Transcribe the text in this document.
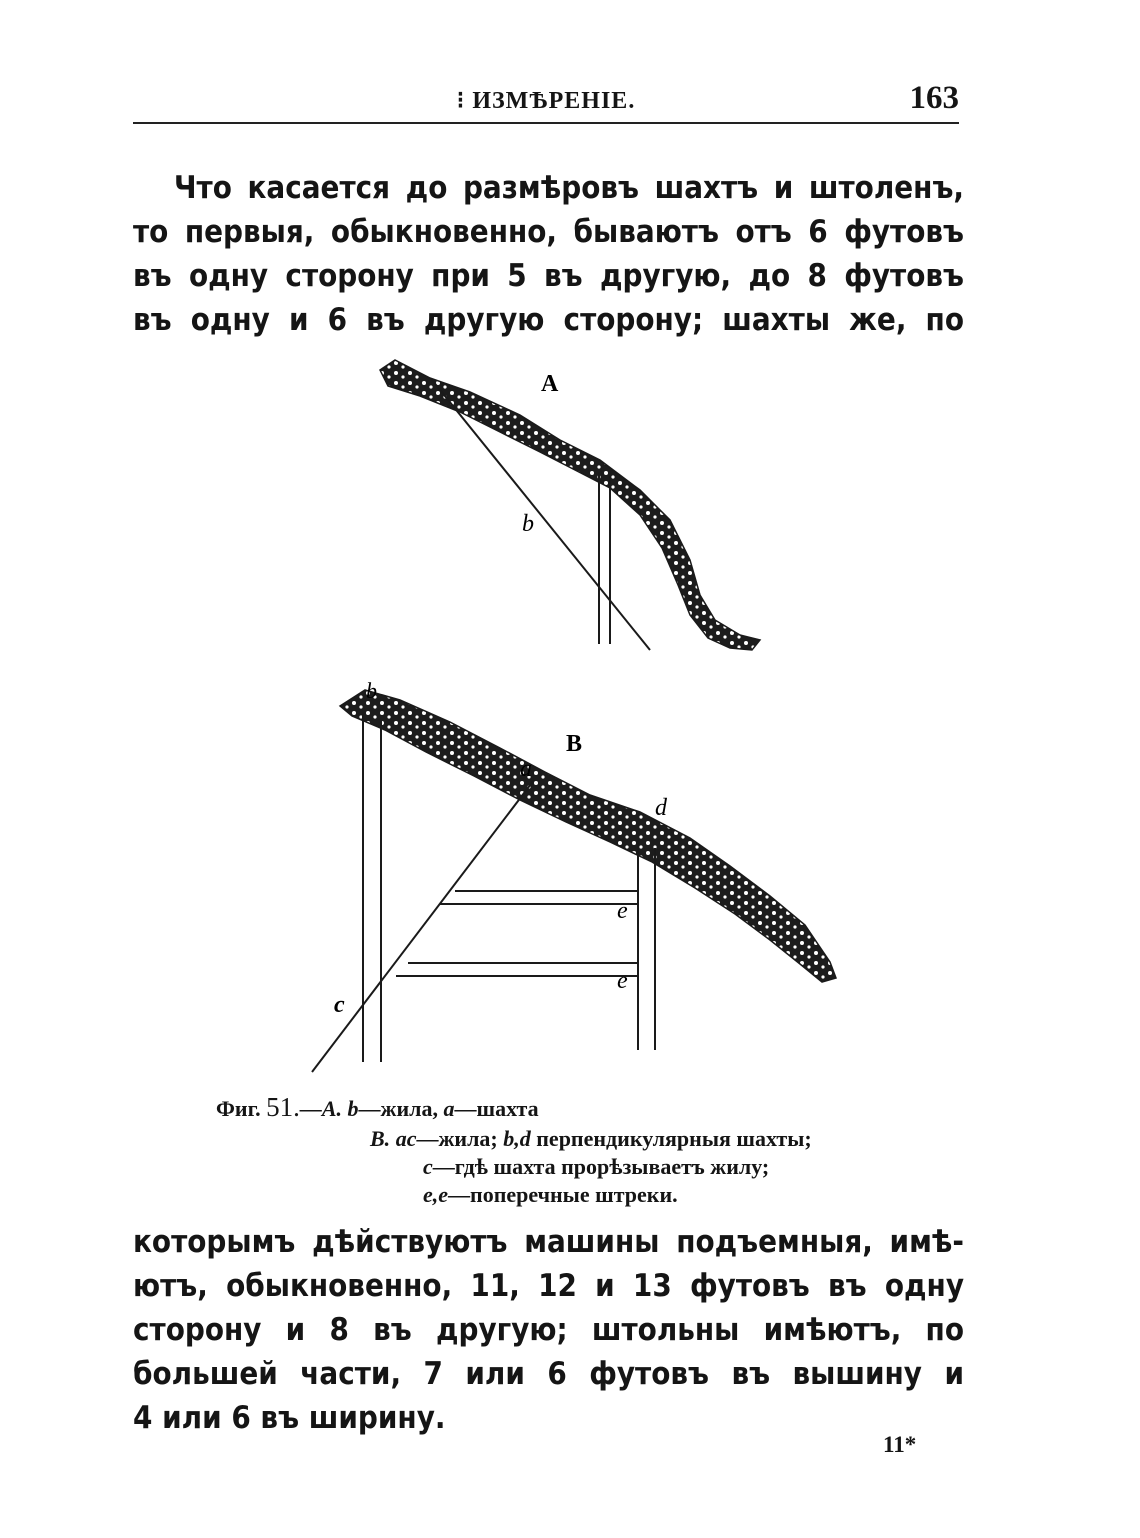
⁝ ИЗМѢРЕНІЕ.	163
Что касается до размѣровъ шахтъ и штоленъ,
то первыя, обыкновенно, бываютъ отъ 6 футовъ
въ одну сторону при 5 въ другую, до 8 футовъ
въ одну и 6 въ другую сторону; шахты же, по
A
b
B
b
a
d
c
e
e
Фиг. 51.—A. b—жила, a—шахта
B. ac—жила; b,d перпендикулярныя шахты;
c—гдѣ шахта прорѣзываетъ жилу;
e,e—поперечные штреки.
которымъ дѣйствуютъ машины подъемныя, имѣ-
ютъ, обыкновенно, 11, 12 и 13 футовъ въ одну
сторону и 8 въ другую; штольны имѣютъ, по
большей части, 7 или 6 футовъ въ вышину и
4 или 6 въ ширину.
11*
